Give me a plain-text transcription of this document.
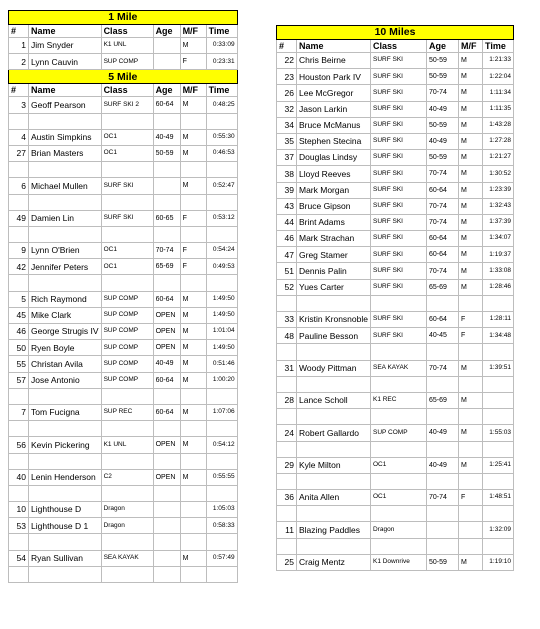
1 Mile					
#	Name	Class	Age	M/F	Time
1	Jim Snyder	K1 UNL		M	0:33:09
2	Lynn Cauvin	SUP COMP		F	0:23:31
5 Mile					
#	Name	Class	Age	M/F	Time
3	Geoff Pearson	SURF SKI 2	60-64	M	0:48:25

4	Austin Simpkins	OC1	40-49	M	0:55:30
27	Brian Masters	OC1	50-59	M	0:46:53

6	Michael Mullen	SURF SKI		M	0:52:47

49	Damien Lin	SURF SKI	60-65	F	0:53:12

9	Lynn O'Brien	OC1	70-74	F	0:54:24
42	Jennifer Peters	OC1	65-69	F	0:49:53

5	Rich Raymond	SUP COMP	60-64	M	1:49:50
45	Mike Clark	SUP COMP	OPEN	M	1:49:50
46	George Strugis IV	SUP COMP	OPEN	M	1:01:04
50	Ryen Boyle	SUP COMP	OPEN	M	1:49:50
55	Christan Avila	SUP COMP	40-49	M	0:51:46
57	Jose Antonio	SUP COMP	60-64	M	1:00:20

7	Tom Fucigna	SUP REC	60-64	M	1:07:06

56	Kevin Pickering	K1 UNL	OPEN	M	0:54:12

40	Lenin Henderson	C2	OPEN	M	0:55:55

10	Lighthouse D	Dragon			1:05:03
53	Lighthouse D 1	Dragon			0:58:33

54	Ryan Sullivan	SEA KAYAK		M	0:57:49

10 Miles					
#	Name	Class	Age	M/F	Time
22	Chris Beirne	SURF SKI	50-59	M	1:21:33
23	Houston Park IV	SURF SKI	50-59	M	1:22:04
26	Lee McGregor	SURF SKI	70-74	M	1:11:34
32	Jason Larkin	SURF SKI	40-49	M	1:11:35
34	Bruce McManus	SURF SKI	50-59	M	1:43:28
35	Stephen Stecina	SURF SKI	40-49	M	1:27:28
37	Douglas Lindsy	SURF SKI	50-59	M	1:21:27
38	Lloyd Reeves	SURF SKI	70-74	M	1:30:52
39	Mark Morgan	SURF SKI	60-64	M	1:23:39
43	Bruce Gipson	SURF SKI	70-74	M	1:32:43
44	Brint Adams	SURF SKI	70-74	M	1:37:39
46	Mark Strachan	SURF SKI	60-64	M	1:34:07
47	Greg Stamer	SURF SKI	60-64	M	1:19:37
51	Dennis Palin	SURF SKI	70-74	M	1:33:08
52	Yues Carter	SURF SKI	65-69	M	1:28:46

33	Kristin Kronsnoble	SURF SKI	60-64	F	1:28:11
48	Pauline Besson	SURF SKI	40-45	F	1:34:48

31	Woody Pittman	SEA KAYAK	70-74	M	1:39:51

28	Lance Scholl	K1 REC	65-69	M	

24	Robert Gallardo	SUP COMP	40-49	M	1:55:03

29	Kyle Milton	OC1	40-49	M	1:25:41

36	Anita Allen	OC1	70-74	F	1:48:51

11	Blazing Paddles	Dragon			1:32:09

25	Craig Mentz	K1 Downrive	50-59	M	1:19:10
